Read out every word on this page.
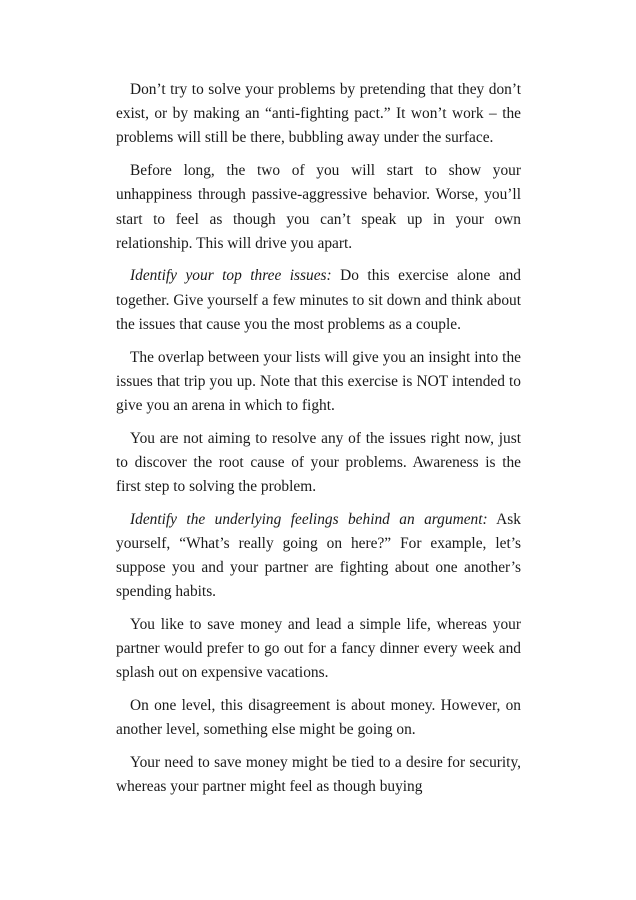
Don’t try to solve your problems by pretending that they don’t exist, or by making an “anti-fighting pact.” It won’t work – the problems will still be there, bubbling away under the surface.

Before long, the two of you will start to show your unhappiness through passive-aggressive behavior. Worse, you’ll start to feel as though you can’t speak up in your own relationship. This will drive you apart.

Identify your top three issues: Do this exercise alone and together. Give yourself a few minutes to sit down and think about the issues that cause you the most problems as a couple.

The overlap between your lists will give you an insight into the issues that trip you up. Note that this exercise is NOT intended to give you an arena in which to fight.

You are not aiming to resolve any of the issues right now, just to discover the root cause of your problems. Awareness is the first step to solving the problem.

Identify the underlying feelings behind an argument: Ask yourself, “What’s really going on here?” For example, let’s suppose you and your partner are fighting about one another’s spending habits.

You like to save money and lead a simple life, whereas your partner would prefer to go out for a fancy dinner every week and splash out on expensive vacations.

On one level, this disagreement is about money. However, on another level, something else might be going on.

Your need to save money might be tied to a desire for security, whereas your partner might feel as though buying
